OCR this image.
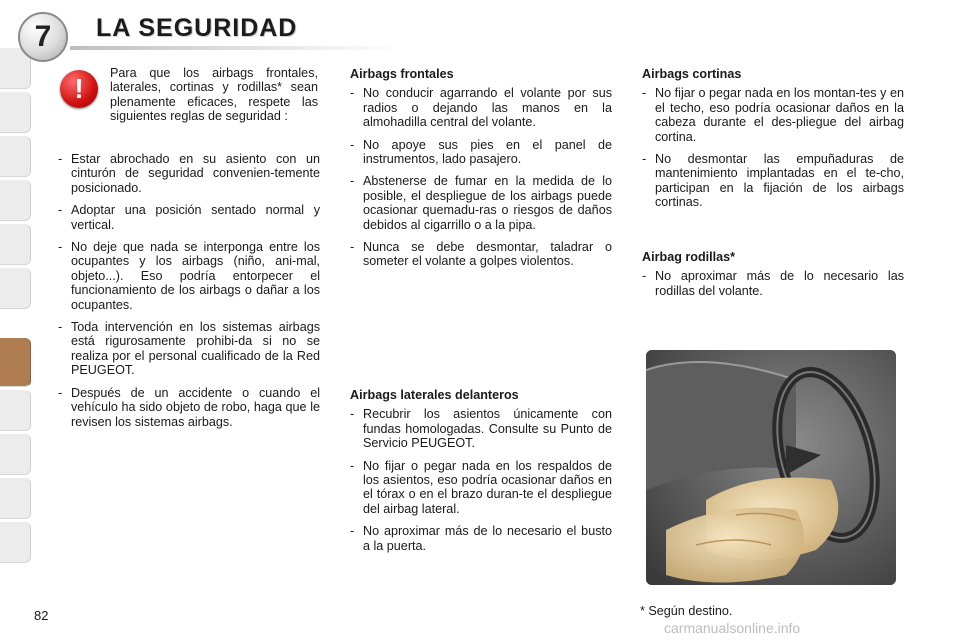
7 LA SEGURIDAD
! Para que los airbags frontales, laterales, cortinas y rodillas* sean plenamente eficaces, respete las siguientes reglas de seguridad :
- Estar abrochado en su asiento con un cinturón de seguridad convenien-temente posicionado.
- Adoptar una posición sentado normal y vertical.
- No deje que nada se interponga entre los ocupantes y los airbags (niño, ani-mal, objeto...). Eso podría entorpecer el funcionamiento de los airbags o dañar a los ocupantes.
- Toda intervención en los sistemas airbags está rigurosamente prohibi-da si no se realiza por el personal cualificado de la Red PEUGEOT.
- Después de un accidente o cuando el vehículo ha sido objeto de robo, haga que le revisen los sistemas airbags.
Airbags frontales
- No conducir agarrando el volante por sus radios o dejando las manos en la almohadilla central del volante.
- No apoye sus pies en el panel de instrumentos, lado pasajero.
- Abstenerse de fumar en la medida de lo posible, el despliegue de los airbags puede ocasionar quemadu-ras o riesgos de daños debidos al cigarrillo o a la pipa.
- Nunca se debe desmontar, taladrar o someter el volante a golpes violentos.
Airbags laterales delanteros
- Recubrir los asientos únicamente con fundas homologadas. Consulte su Punto de Servicio PEUGEOT.
- No fijar o pegar nada en los respaldos de los asientos, eso podría ocasionar daños en el tórax o en el brazo duran-te el despliegue del airbag lateral.
- No aproximar más de lo necesario el busto a la puerta.
Airbags cortinas
- No fijar o pegar nada en los montan-tes y en el techo, eso podría ocasionar daños en la cabeza durante el des-pliegue del airbag cortina.
- No desmontar las empuñaduras de mantenimiento implantadas en el te-cho, participan en la fijación de los airbags cortinas.
Airbag rodillas*
- No aproximar más de lo necesario las rodillas del volante.
* Según destino.
82
carmanualsonline.info
